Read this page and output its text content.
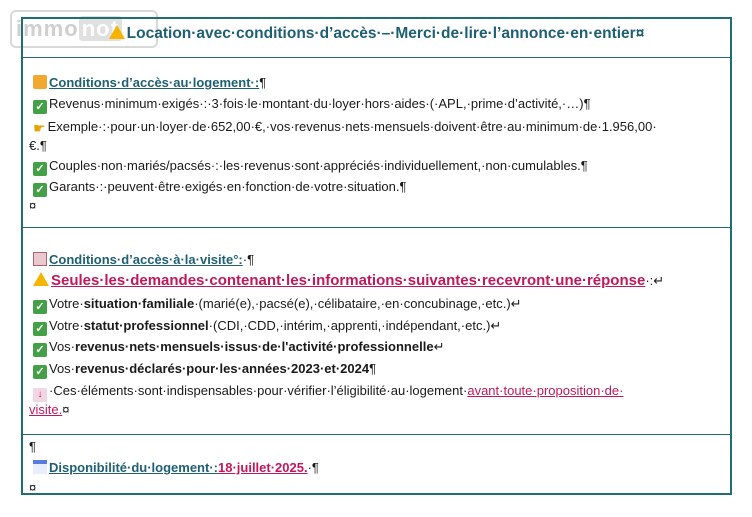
immo not Location·avec·conditions·d’accès·–·Merci·de·lire·l’annonce·en·entier¤
Conditions·d’accès·au·logement·:¶
✓ Revenus·minimum·exigés·:·3·fois·le·montant·du·loyer·hors·aides·(·APL,·prime·d’activité,·…)¶
☛ Exemple·:·pour·un·loyer·de·652,00·€,·vos·revenus·nets·mensuels·doivent·être·au·minimum·de·1.956,00·
€.¶
✓ Couples·non·mariés/pacsés·:·les·revenus·sont·appréciés·individuellement,·non·cumulables.¶
✓ Garants·:·peuvent·être·exigés·en·fonction·de·votre·situation.¶
¤
Conditions·d’accès·à·la·visite°:·¶
Seules·les·demandes·contenant·les·informations·suivantes·recevront·une·réponse·:↵
✓ Votre·situation·familiale·(marié(e),·pacsé(e),·célibataire,·en·concubinage,·etc.)↵
✓ Votre·statut·professionnel·(CDI,·CDD,·intérim,·apprenti,·indépendant,·etc.)↵
✓ Vos·revenus·nets·mensuels·issus·de·l'activité·professionnelle↵
✓ Vos·revenus·déclarés·pour·les·années·2023·et·2024¶
↓ ·Ces·éléments·sont·indispensables·pour·vérifier·l’éligibilité·au·logement·avant·toute·proposition·de·
visite.¤
¶
Disponibilité·du·logement·:18·juillet·2025.·¶
¤
